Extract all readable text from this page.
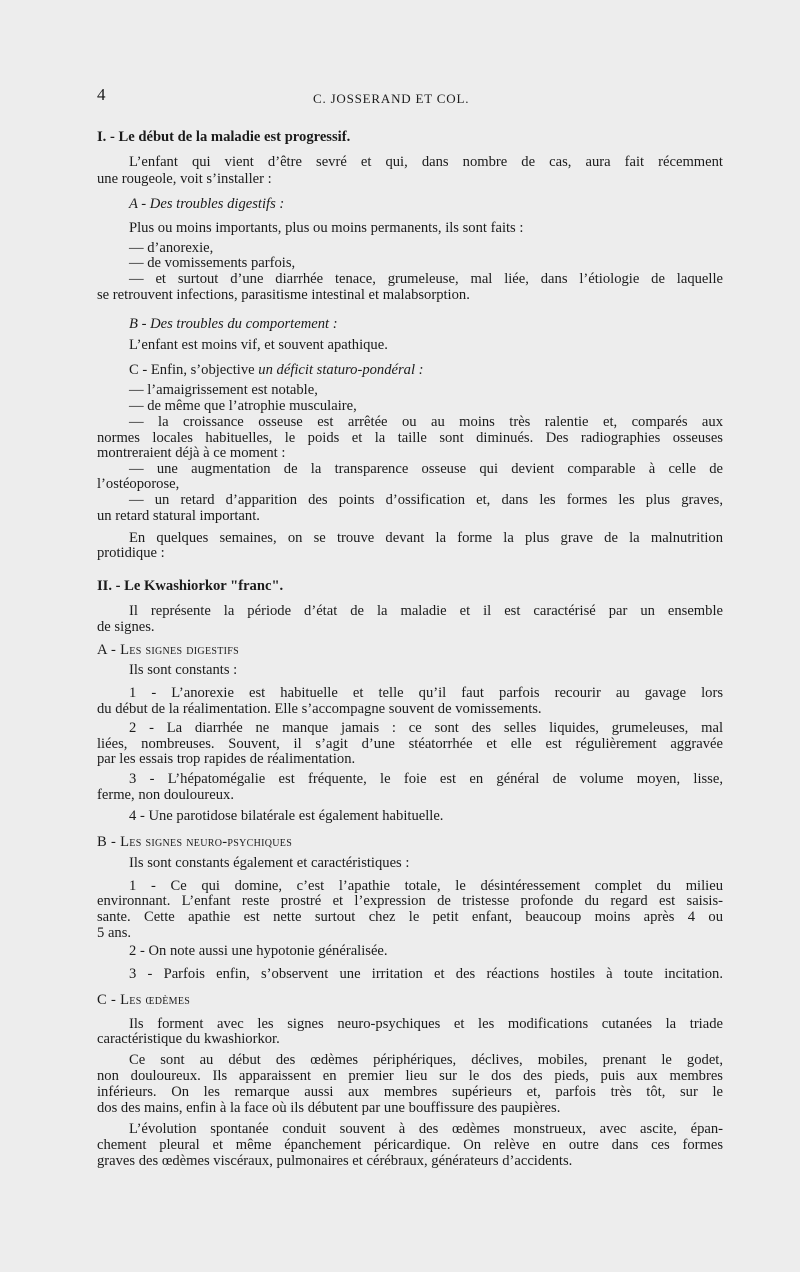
4	C. JOSSERAND ET COL.
I. - Le début de la maladie est progressif.
L’enfant qui vient d’être sevré et qui, dans nombre de cas, aura fait récemment
une rougeole, voit s’installer :
A - Des troubles digestifs :
Plus ou moins importants, plus ou moins permanents, ils sont faits :
— d’anorexie,
— de vomissements parfois,
— et surtout d’une diarrhée tenace, grumeleuse, mal liée, dans l’étiologie de laquelle
se retrouvent infections, parasitisme intestinal et malabsorption.
B - Des troubles du comportement :
L’enfant est moins vif, et souvent apathique.
C - Enfin, s’objective un déficit staturo-pondéral :
— l’amaigrissement est notable,
— de même que l’atrophie musculaire,
— la croissance osseuse est arrêtée ou au moins très ralentie et, comparés aux
normes locales habituelles, le poids et la taille sont diminués. Des radiographies osseuses
montreraient déjà à ce moment :
— une augmentation de la transparence osseuse qui devient comparable à celle de
l’ostéoporose,
— un retard d’apparition des points d’ossification et, dans les formes les plus graves,
un retard statural important.
En quelques semaines, on se trouve devant la forme la plus grave de la malnutrition
protidique :
II. - Le Kwashiorkor "franc".
Il représente la période d’état de la maladie et il est caractérisé par un ensemble
de signes.
A - Les signes digestifs
Ils sont constants :
1 - L’anorexie est habituelle et telle qu’il faut parfois recourir au gavage lors
du début de la réalimentation. Elle s’accompagne souvent de vomissements.
2 - La diarrhée ne manque jamais : ce sont des selles liquides, grumeleuses, mal
liées, nombreuses. Souvent, il s’agit d’une stéatorrhée et elle est régulièrement aggravée
par les essais trop rapides de réalimentation.
3 - L’hépatomégalie est fréquente, le foie est en général de volume moyen, lisse,
ferme, non douloureux.
4 - Une parotidose bilatérale est également habituelle.
B - Les signes neuro-psychiques
Ils sont constants également et caractéristiques :
1 - Ce qui domine, c’est l’apathie totale, le désintéressement complet du milieu
environnant. L’enfant reste prostré et l’expression de tristesse profonde du regard est saisis-
sante. Cette apathie est nette surtout chez le petit enfant, beaucoup moins après 4 ou
5 ans.
2 - On note aussi une hypotonie généralisée.
3 - Parfois enfin, s’observent une irritation et des réactions hostiles à toute incitation.
C - Les œdèmes
Ils forment avec les signes neuro-psychiques et les modifications cutanées la triade
caractéristique du kwashiorkor.
Ce sont au début des œdèmes périphériques, déclives, mobiles, prenant le godet,
non douloureux. Ils apparaissent en premier lieu sur le dos des pieds, puis aux membres
inférieurs. On les remarque aussi aux membres supérieurs et, parfois très tôt, sur le
dos des mains, enfin à la face où ils débutent par une bouffissure des paupières.
L’évolution spontanée conduit souvent à des œdèmes monstrueux, avec ascite, épan-
chement pleural et même épanchement péricardique. On relève en outre dans ces formes
graves des œdèmes viscéraux, pulmonaires et cérébraux, générateurs d’accidents.
